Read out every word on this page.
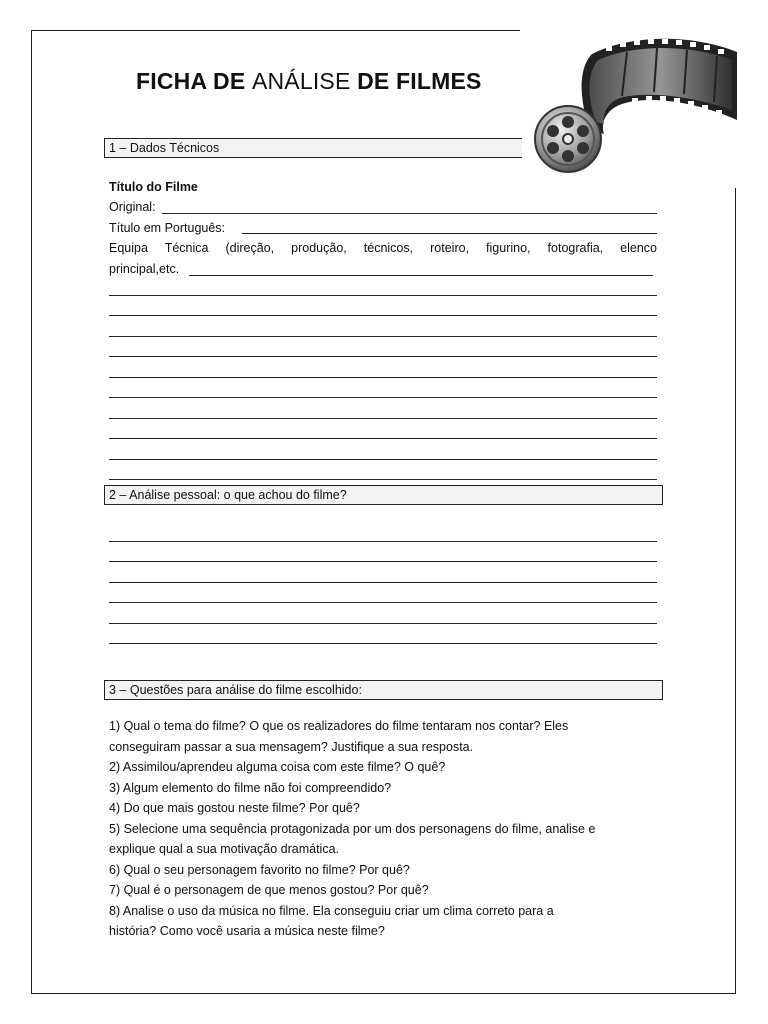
FICHA DE ANÁLISE DE FILMES
1 – Dados Técnicos
Título do Filme
Original:
Título em Português:
Equipa Técnica (direção, produção, técnicos, roteiro, figurino, fotografia, elenco
principal,etc.
2 – Análise pessoal: o que achou do filme?
3 – Questões para análise do filme escolhido:
1) Qual o tema do filme? O que os realizadores do filme tentaram nos contar? Eles
conseguiram passar a sua mensagem? Justifique a sua resposta.
2) Assimilou/aprendeu alguma coisa com este filme? O quê?
3) Algum elemento do filme não foi compreendido?
4) Do que mais gostou neste filme? Por quê?
5) Selecione uma sequência protagonizada por um dos personagens do filme, analise e
explique qual a sua motivação dramática.
6) Qual o seu personagem favorito no filme? Por quê?
7) Qual é o personagem de que menos gostou? Por quê?
8) Analise o uso da música no filme. Ela conseguiu criar um clima correto para a
história? Como você usaria a música neste filme?
